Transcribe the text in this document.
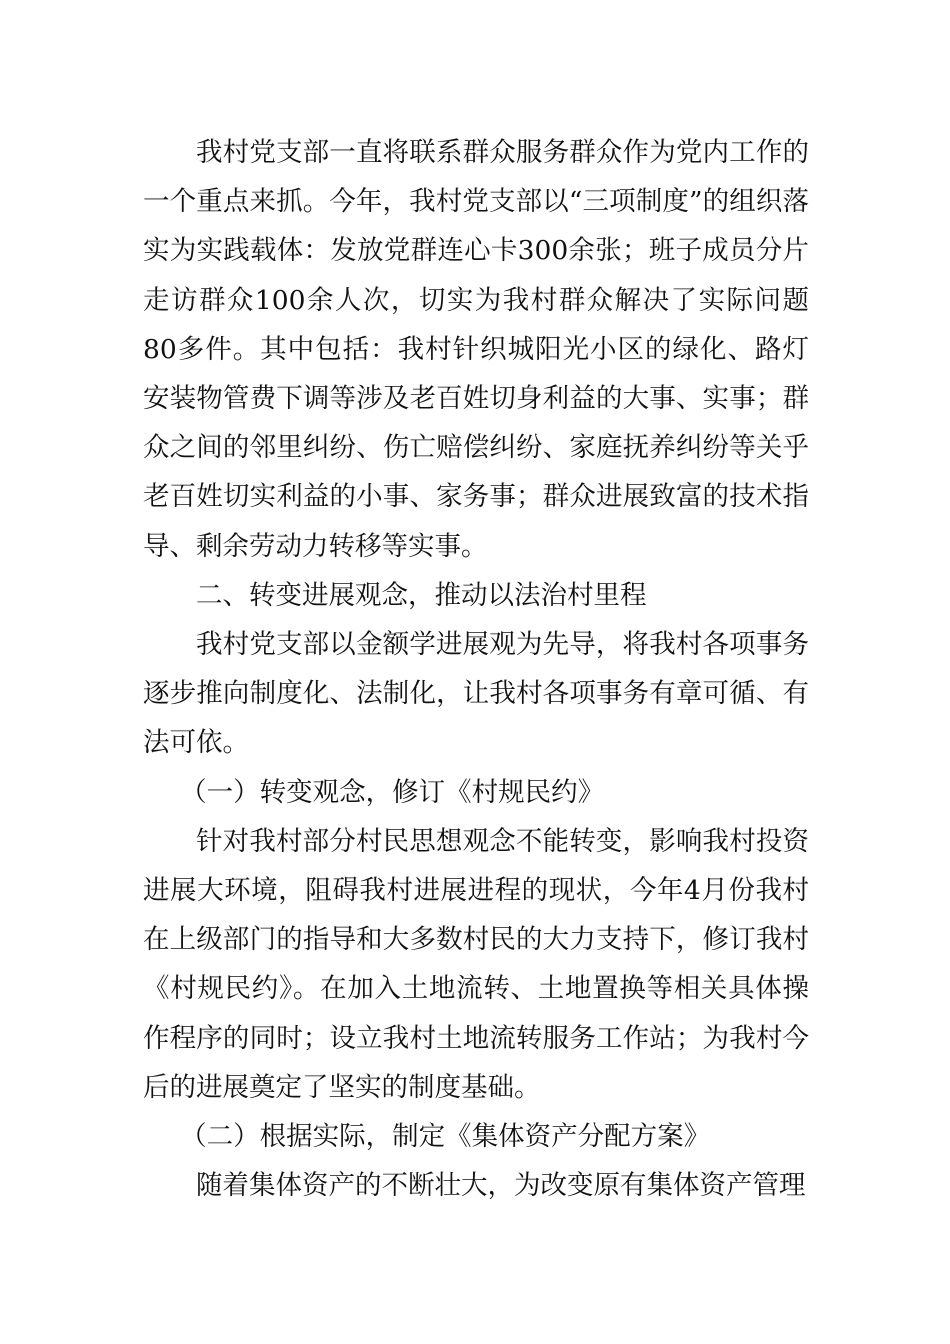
我村党支部一直将联系群众服务群众作为党内工作的一个重点来抓。今年，我村党支部以“三项制度”的组织落实为实践载体：发放党群连心卡300余张；班子成员分片走访群众100余人次，切实为我村群众解决了实际问题80多件。其中包括：我村针织城阳光小区的绿化、路灯安装物管费下调等涉及老百姓切身利益的大事、实事；群众之间的邻里纠纷、伤亡赔偿纠纷、家庭抚养纠纷等关乎老百姓切实利益的小事、家务事；群众进展致富的技术指导、剩余劳动力转移等实事。

二、转变进展观念，推动以法治村里程

我村党支部以金额学进展观为先导，将我村各项事务逐步推向制度化、法制化，让我村各项事务有章可循、有法可依。

（一）转变观念，修订《村规民约》

针对我村部分村民思想观念不能转变，影响我村投资进展大环境，阻碍我村进展进程的现状，今年4月份我村在上级部门的指导和大多数村民的大力支持下，修订我村《村规民约》。在加入土地流转、土地置换等相关具体操作程序的同时；设立我村土地流转服务工作站；为我村今后的进展奠定了坚实的制度基础。

（二）根据实际，制定《集体资产分配方案》

随着集体资产的不断壮大，为改变原有集体资产管理
